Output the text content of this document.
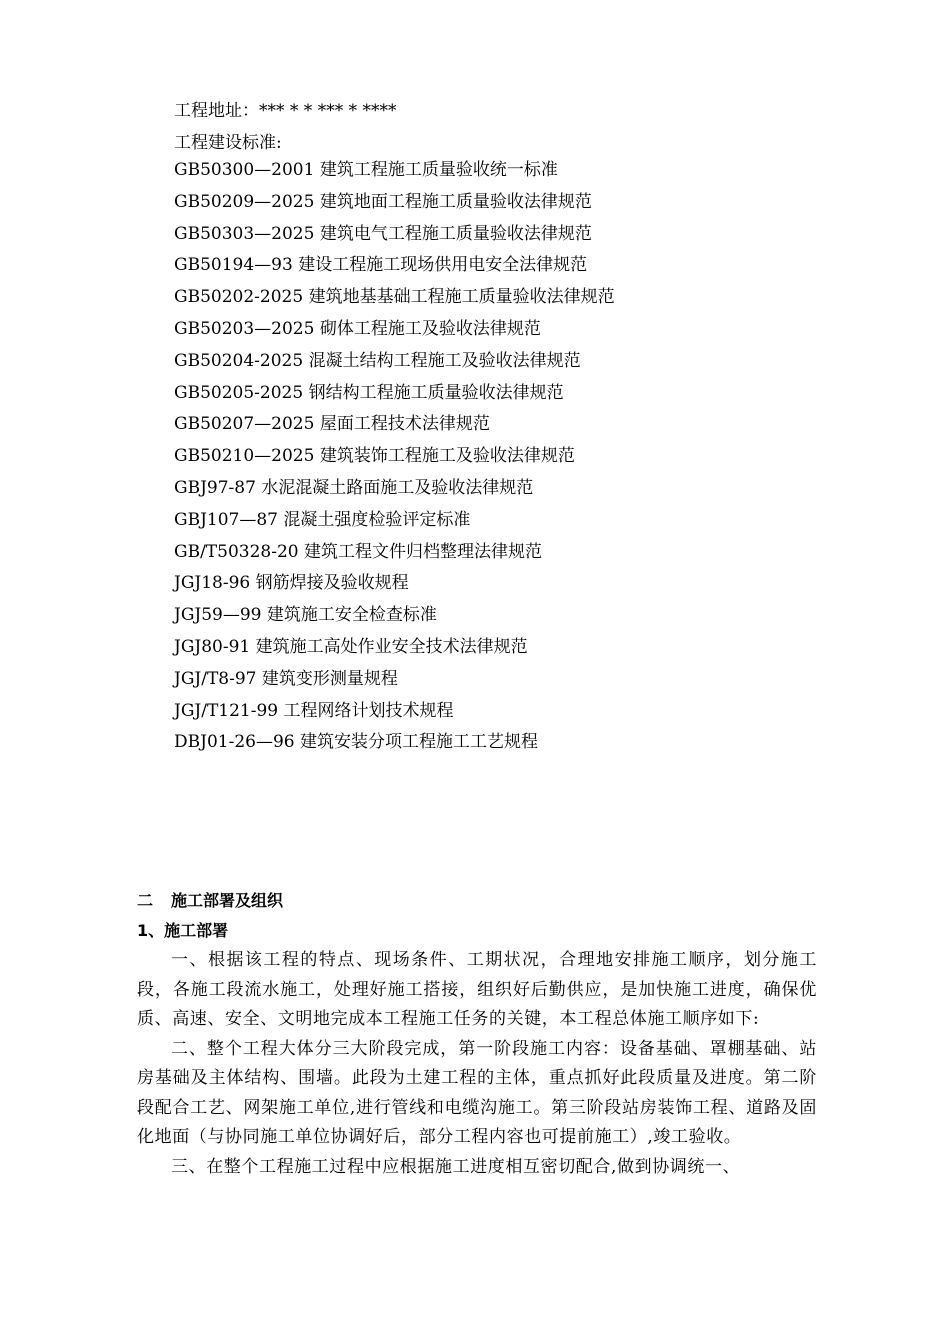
工程地址：*** * * *** * ****
工程建设标准:
GB50300—2001 建筑工程施工质量验收统一标准
GB50209—2025 建筑地面工程施工质量验收法律规范
GB50303—2025 建筑电气工程施工质量验收法律规范
GB50194—93 建设工程施工现场供用电安全法律规范
GB50202-2025 建筑地基基础工程施工质量验收法律规范
GB50203—2025 砌体工程施工及验收法律规范
GB50204-2025 混凝土结构工程施工及验收法律规范
GB50205-2025 钢结构工程施工质量验收法律规范
GB50207—2025 屋面工程技术法律规范
GB50210—2025 建筑装饰工程施工及验收法律规范
GBJ97-87 水泥混凝土路面施工及验收法律规范
GBJ107—87 混凝土强度检验评定标准
GB/T50328-20 建筑工程文件归档整理法律规范
JGJ18-96 钢筋焊接及验收规程
JGJ59—99 建筑施工安全检查标准
JGJ80-91 建筑施工高处作业安全技术法律规范
JGJ/T8-97 建筑变形测量规程
JGJ/T121-99 工程网络计划技术规程
DBJ01-26—96 建筑安装分项工程施工工艺规程
二 施工部署及组织
1、施工部署

一、根据该工程的特点、现场条件、工期状况，合理地安排施工顺序，划分施工段，各施工段流水施工，处理好施工搭接，组织好后勤供应，是加快施工进度，确保优质、高速、安全、文明地完成本工程施工任务的关键，本工程总体施工顺序如下:

二、整个工程大体分三大阶段完成，第一阶段施工内容：设备基础、罩棚基础、站房基础及主体结构、围墙。此段为土建工程的主体，重点抓好此段质量及进度。第二阶段配合工艺、网架施工单位,进行管线和电缆沟施工。第三阶段站房装饰工程、道路及固化地面（与协同施工单位协调好后，部分工程内容也可提前施工）,竣工验收。

三、在整个工程施工过程中应根据施工进度相互密切配合,做到协调统一、
